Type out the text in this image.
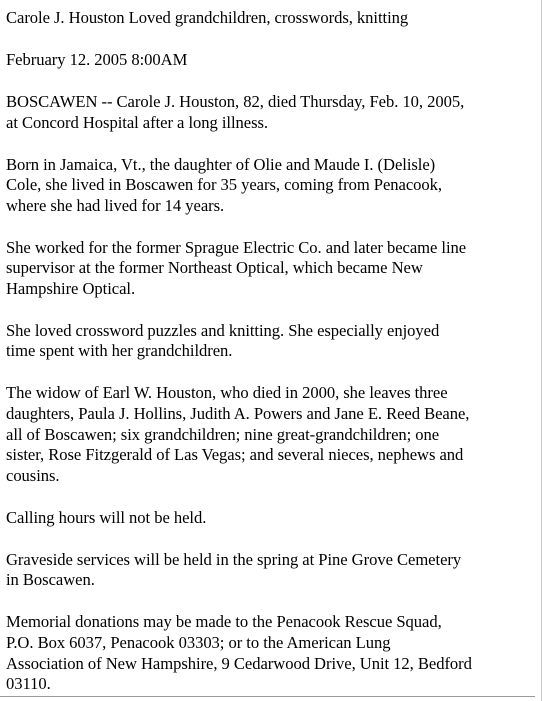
Carole J. Houston Loved grandchildren, crosswords, knitting
February 12. 2005 8:00AM
BOSCAWEN -- Carole J. Houston, 82, died Thursday, Feb. 10, 2005,
at Concord Hospital after a long illness.
Born in Jamaica, Vt., the daughter of Olie and Maude I. (Delisle)
Cole, she lived in Boscawen for 35 years, coming from Penacook,
where she had lived for 14 years.
She worked for the former Sprague Electric Co. and later became line
supervisor at the former Northeast Optical, which became New
Hampshire Optical.
She loved crossword puzzles and knitting. She especially enjoyed
time spent with her grandchildren.
The widow of Earl W. Houston, who died in 2000, she leaves three
daughters, Paula J. Hollins, Judith A. Powers and Jane E. Reed Beane,
all of Boscawen; six grandchildren; nine great-grandchildren; one
sister, Rose Fitzgerald of Las Vegas; and several nieces, nephews and
cousins.
Calling hours will not be held.
Graveside services will be held in the spring at Pine Grove Cemetery
in Boscawen.
Memorial donations may be made to the Penacook Rescue Squad,
P.O. Box 6037, Penacook 03303; or to the American Lung
Association of New Hampshire, 9 Cedarwood Drive, Unit 12, Bedford
03110.
